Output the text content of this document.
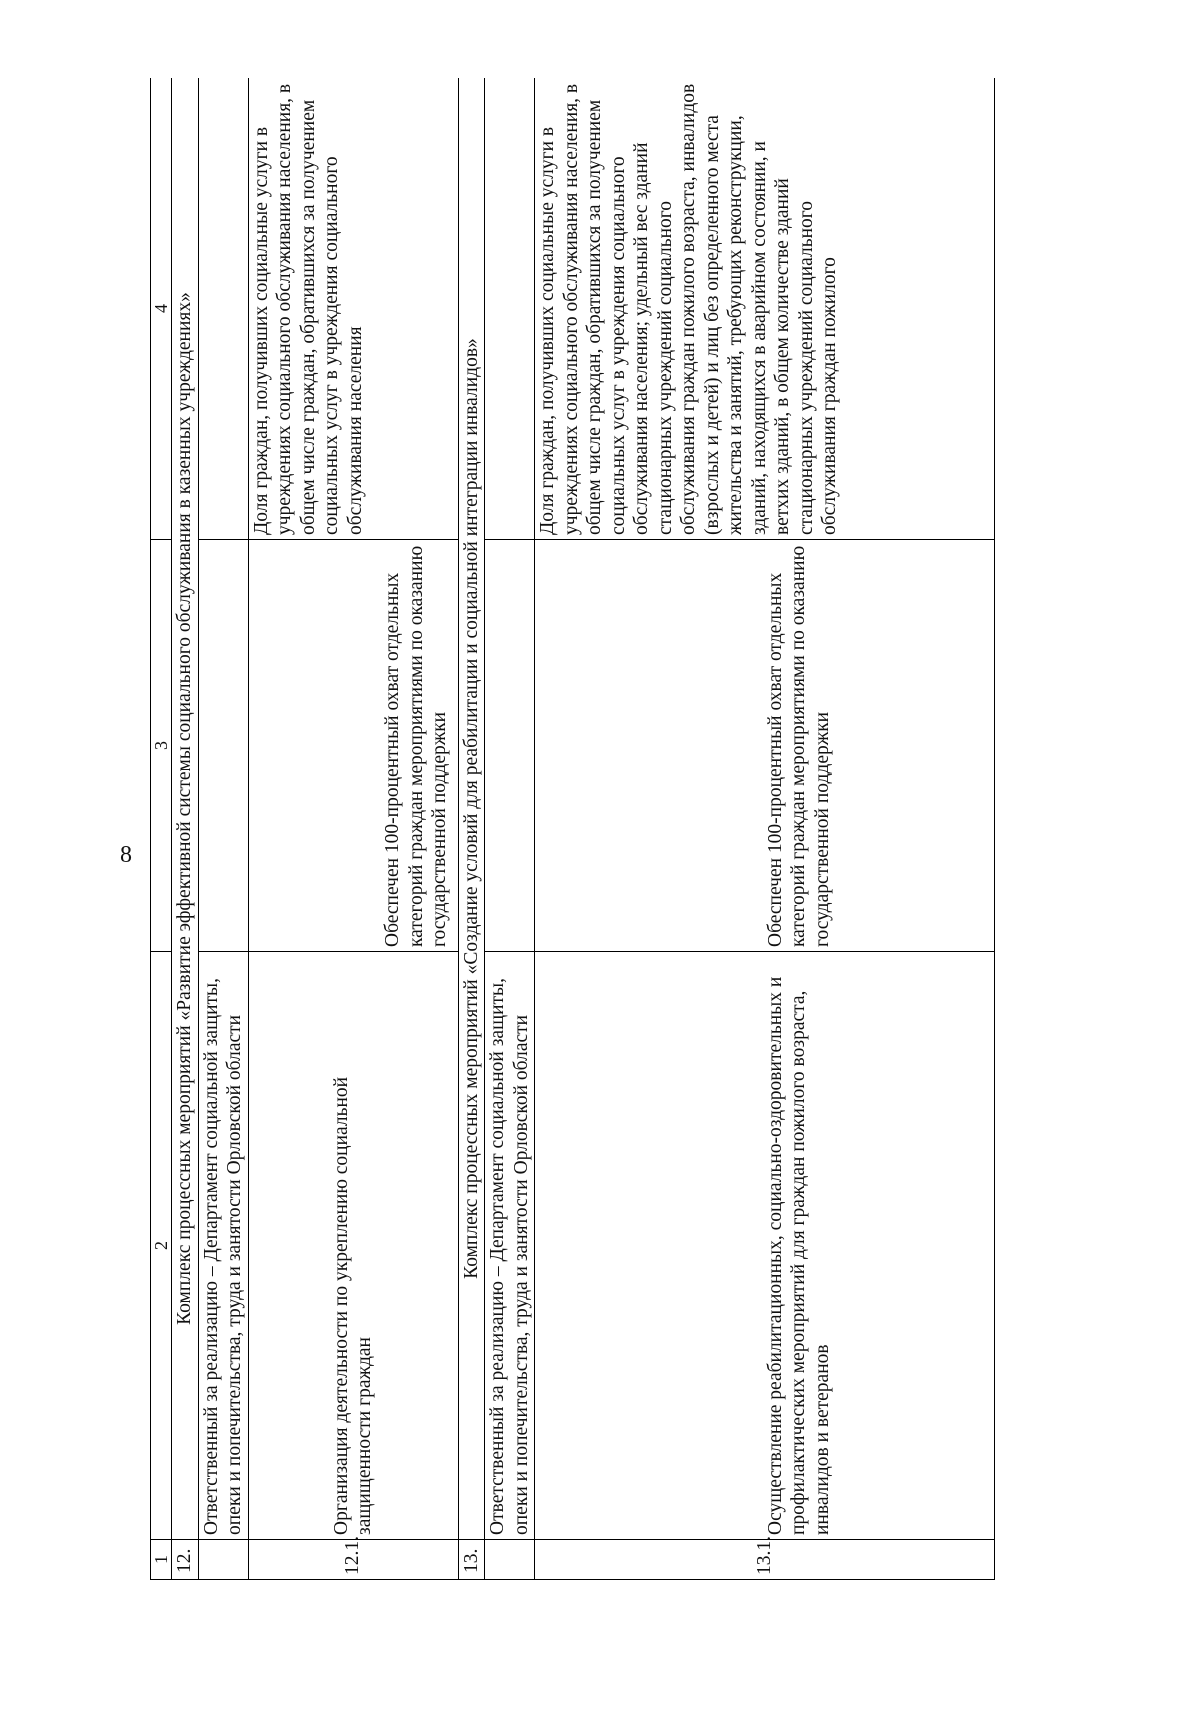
8
1	2	3	4
12.	Комплекс процессных мероприятий «Развитие эффективной системы социального обслуживания в казенных учреждениях»		
	Ответственный за реализацию – Департамент социальной защиты, опеки и попечительства, труда и занятости Орловской области		
12.1.	Организация деятельности по укреплению социальной защищенности граждан	Обеспечен 100-процентный охват отдельных категорий граждан мероприятиями по оказанию государственной поддержки	Доля граждан, получивших социальные услуги в учреждениях социального обслуживания населения, в общем числе граждан, обратившихся за получением социальных услуг в учреждения социального обслуживания населения
13.	Комплекс процессных мероприятий «Создание условий для реабилитации и социальной интеграции инвалидов»		
	Ответственный за реализацию – Департамент социальной защиты, опеки и попечительства, труда и занятости Орловской области		
13.1.	Осуществление реабилитационных, социально-оздоровительных и профилактических мероприятий для граждан пожилого возраста, инвалидов и ветеранов	Обеспечен 100-процентный охват отдельных категорий граждан мероприятиями по оказанию государственной поддержки	Доля граждан, получивших социальные услуги в учреждениях социального обслуживания населения, в общем числе граждан, обратившихся за получением социальных услуг в учреждения социального обслуживания населения; удельный вес зданий стационарных учреждений социального обслуживания граждан пожилого возраста, инвалидов (взрослых и детей) и лиц без определенного места жительства и занятий, требующих реконструкции, зданий, находящихся в аварийном состоянии, и ветхих зданий, в общем количестве зданий стационарных учреждений социального обслуживания граждан пожилого
